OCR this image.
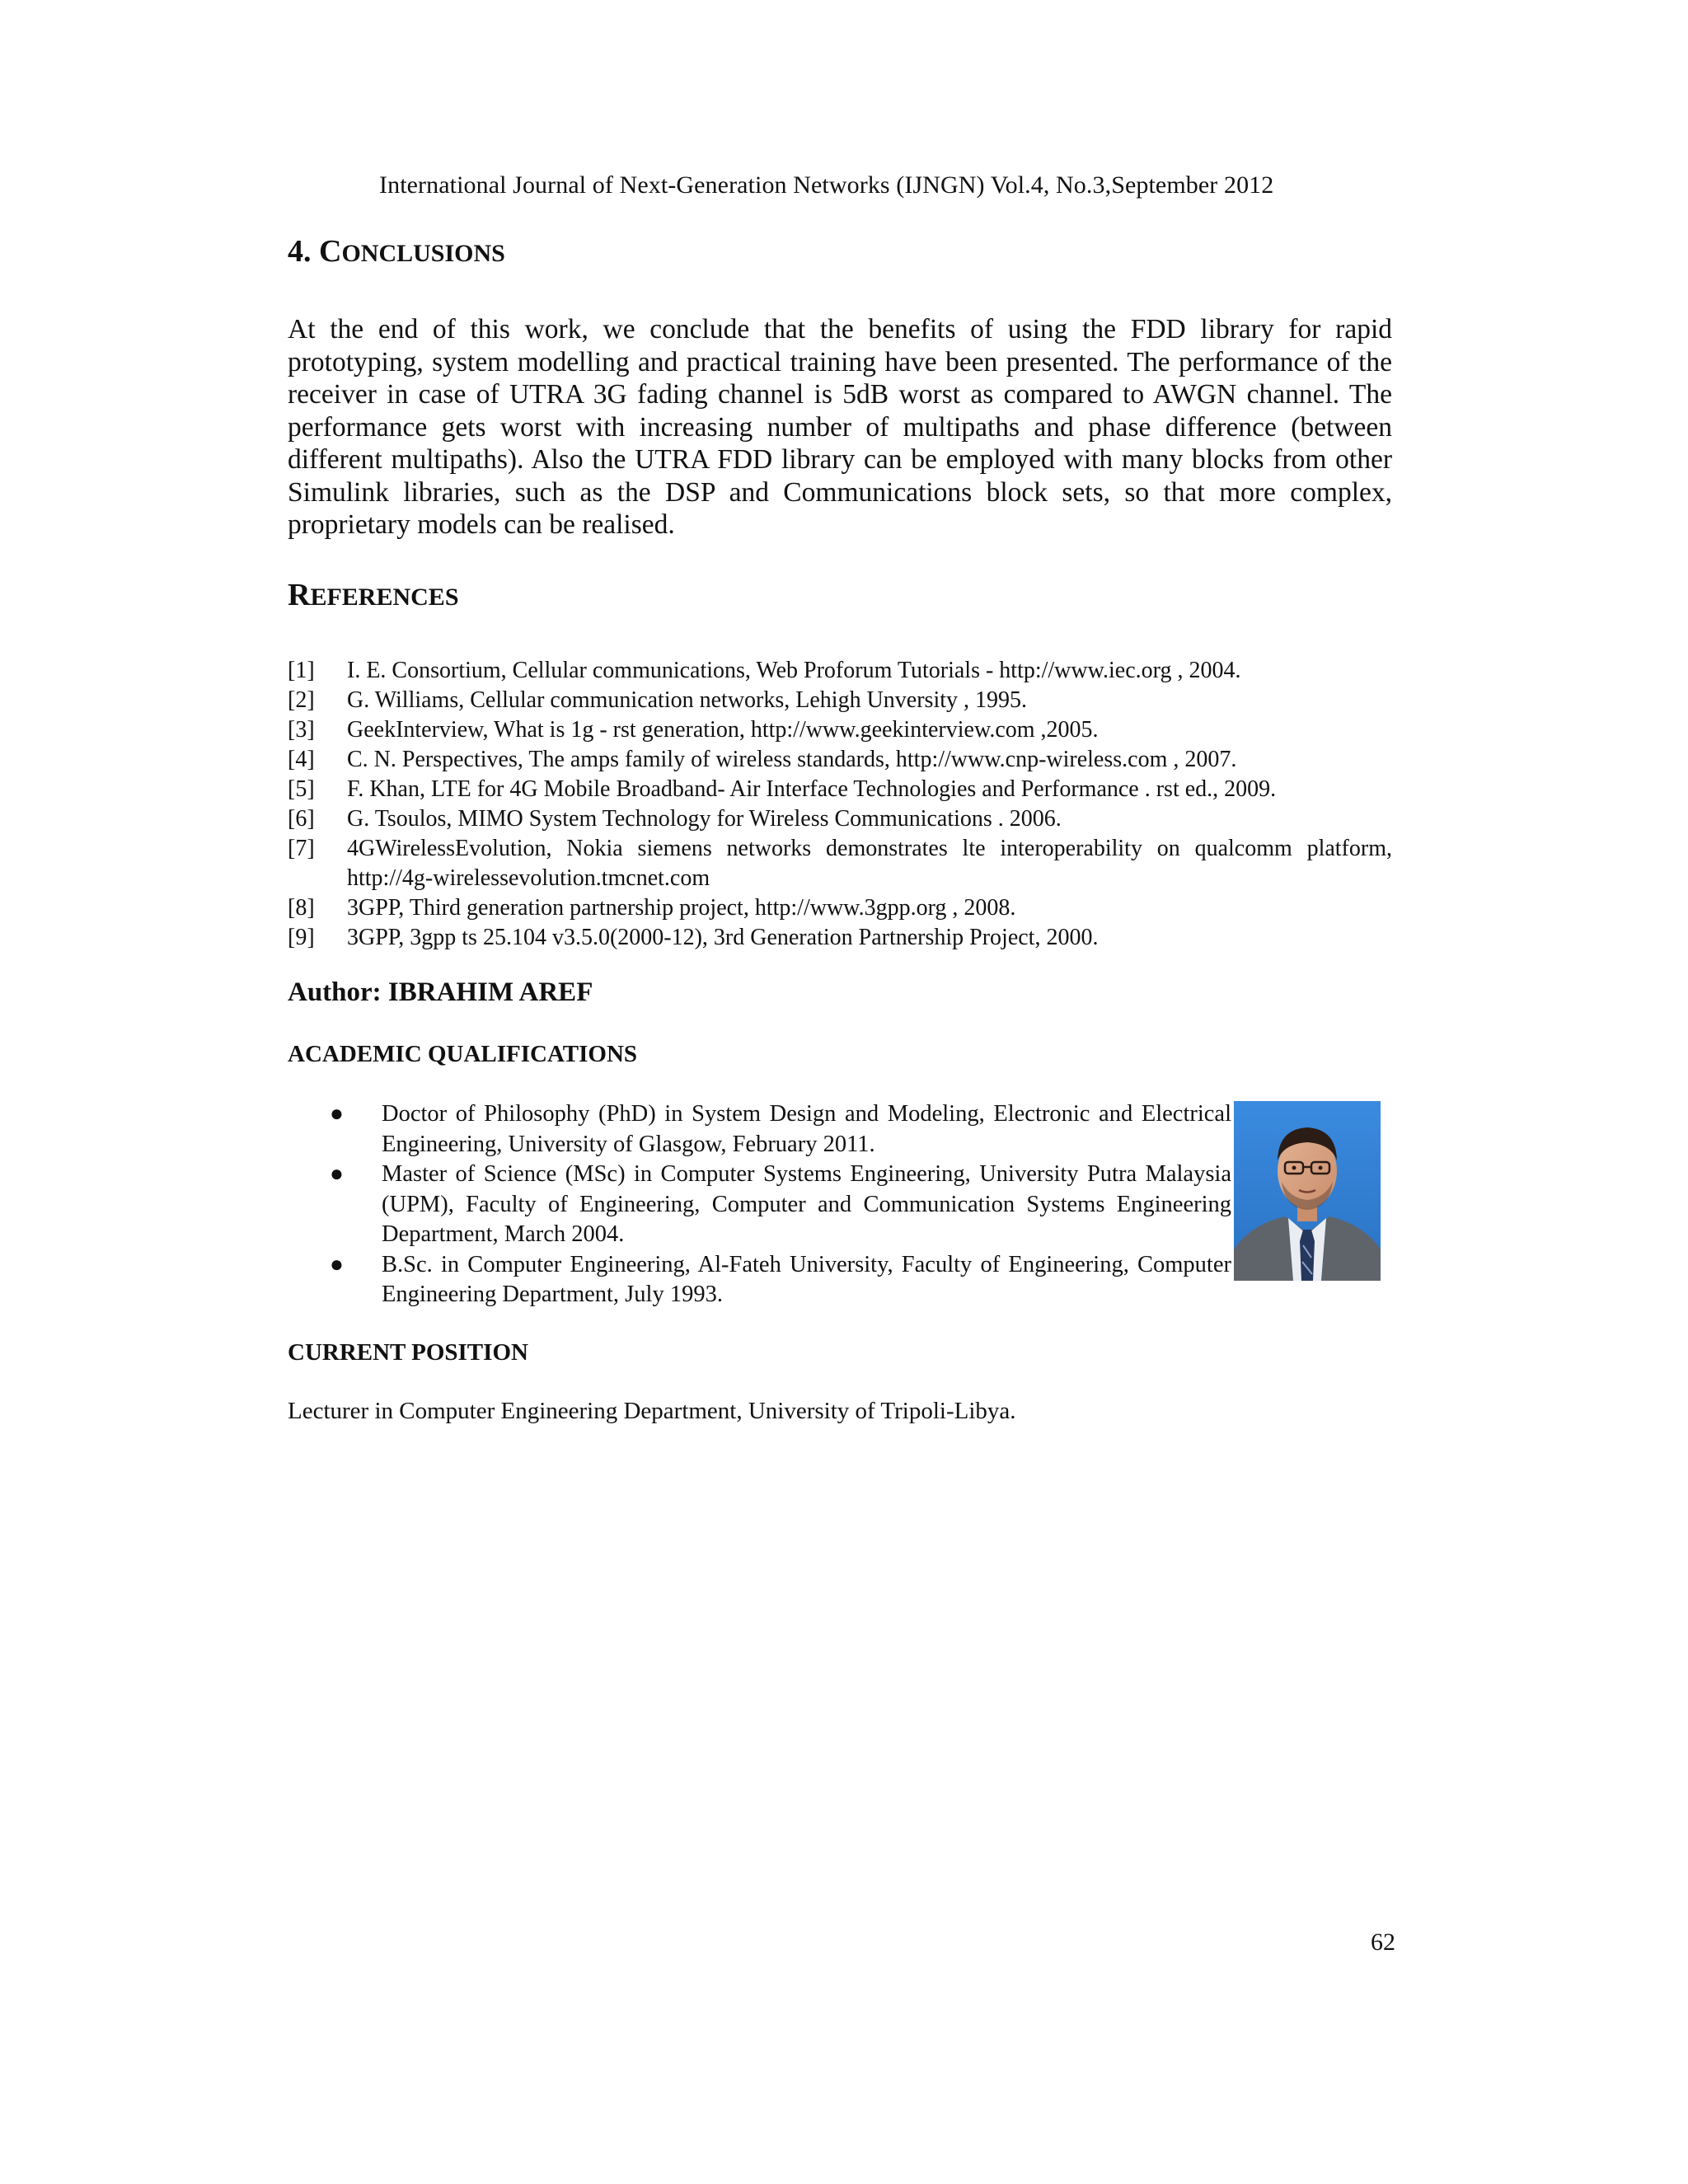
International Journal of Next-Generation Networks (IJNGN) Vol.4, No.3,September 2012
4. CONCLUSIONS

At the end of this work, we conclude that the benefits of using the FDD library for rapid prototyping, system modelling and practical training have been presented. The performance of the receiver in case of UTRA 3G fading channel is 5dB worst as compared to AWGN channel. The performance gets worst with increasing number of multipaths and phase difference (between different multipaths). Also the UTRA FDD library can be employed with many blocks from other Simulink libraries, such as the DSP and Communications block sets, so that more complex, proprietary models can be realised.

REFERENCES
[1] I. E. Consortium, Cellular communications, Web Proforum Tutorials - http://www.iec.org , 2004.
[2] G. Williams, Cellular communication networks, Lehigh Unversity , 1995.
[3] GeekInterview, What is 1g - rst generation, http://www.geekinterview.com ,2005.
[4] C. N. Perspectives, The amps family of wireless standards, http://www.cnp-wireless.com , 2007.
[5] F. Khan, LTE for 4G Mobile Broadband- Air Interface Technologies and Performance . rst ed., 2009.
[6] G. Tsoulos, MIMO System Technology for Wireless Communications . 2006.
[7] 4GWirelessEvolution, Nokia siemens networks demonstrates lte interoperability on qualcomm platform, http://4g-wirelessevolution.tmcnet.com
[8] 3GPP, Third generation partnership project, http://www.3gpp.org , 2008.
[9] 3GPP, 3gpp ts 25.104 v3.5.0(2000-12), 3rd Generation Partnership Project, 2000.
Author: IBRAHIM AREF
ACADEMIC QUALIFICATIONS
● Doctor of Philosophy (PhD) in System Design and Modeling, Electronic and Electrical Engineering, University of Glasgow, February 2011.
● Master of Science (MSc) in Computer Systems Engineering, University Putra Malaysia (UPM), Faculty of Engineering, Computer and Communication Systems Engineering Department, March 2004.
● B.Sc. in Computer Engineering, Al-Fateh University, Faculty of Engineering, Computer Engineering Department, July 1993.
CURRENT POSITION
Lecturer in Computer Engineering Department, University of Tripoli-Libya.
62
